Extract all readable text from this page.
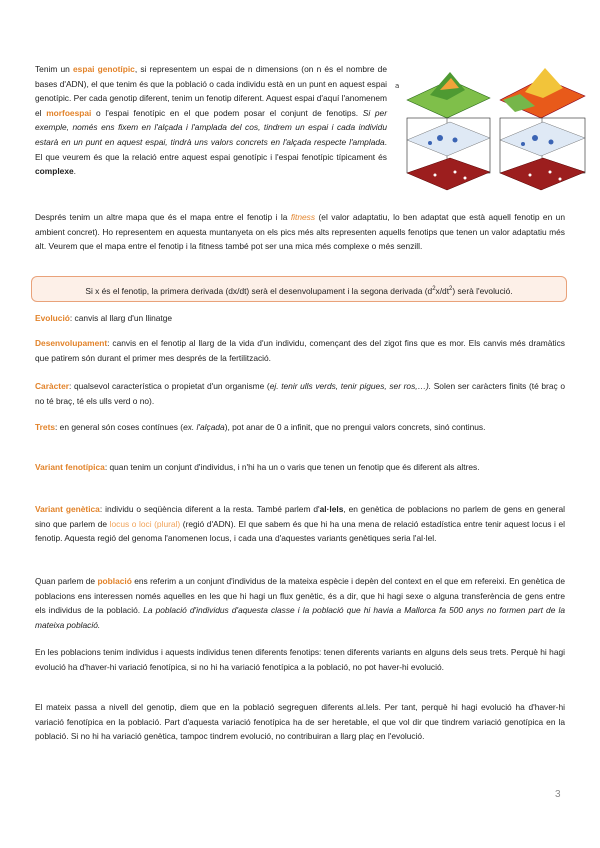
Tenim un espai genotípic, si representem un espai de n dimensions (on n és el nombre de bases d'ADN), el que tenim és que la població o cada individu està en un punt en aquest espai genotípic. Per cada genotip diferent, tenim un fenotip diferent. Aquest espai d'aquí l'anomenem el morfoespai o l'espai fenotípic en el que podem posar el conjunt de fenotips. Si per exemple, només ens fixem en l'alçada i l'amplada del cos, tindrem un espai i cada individu estarà en un punt en aquest espai, tindrà uns valors concrets en l'alçada respecte l'amplada. El que veurem és que la relació entre aquest espai genotípic i l'espai fenotípic típicament és complexe.

a

Després tenim un altre mapa que és el mapa entre el fenotip i la fitness (el valor adaptatiu, lo ben adaptat que està aquell fenotip en un ambient concret). Ho representem en aquesta muntanyeta on els pics més alts representen aquells fenotips que tenen un valor adaptatiu més alt. Veurem que el mapa entre el fenotip i la fitness també pot ser una mica més complexe o més senzill.

Si x és el fenotip, la primera derivada (dx/dt) serà el desenvolupament i la segona derivada $(d^2x/dt^2)$ serà l'evolució.

Evolució: canvis al llarg d'un llinatge

Desenvolupament: canvis en el fenotip al llarg de la vida d'un individu, començant des del zigot fins que es mor. Els canvis més dramàtics que patirem són durant el primer mes després de la fertilització.

Caràcter: qualsevol característica o propietat d'un organisme (ej. tenir ulls verds, tenir pigues, ser ros,…). Solen ser caràcters finits (té braç o no té braç, té els ulls verd o no).

Trets: en general són coses contínues (ex. l'alçada), pot anar de 0 a infinit, que no prengui valors concrets, sinó continus.

Variant fenotípica: quan tenim un conjunt d'individus, i n'hi ha un o varis que tenen un fenotip que és diferent als altres.

Variant genètica: individu o seqüència diferent a la resta. També parlem d'al·lels, en genètica de poblacions no parlem de gens en general sino que parlem de locus o loci (plural) (regió d'ADN). El que sabem és que hi ha una mena de relació estadística entre tenir aquest locus i el fenotip. Aquesta regió del genoma l'anomenen locus, i cada una d'aquestes variants genètiques seria l'al·lel.

Quan parlem de població ens referim a un conjunt d'individus de la mateixa espècie i depèn del context en el que em refereixi. En genètica de poblacions ens interessen només aquelles en les que hi hagi un flux genètic, és a dir, que hi hagi sexe o alguna transferència de gens entre els individus de la població. La població d'individus d'aquesta classe i la població que hi havia a Mallorca fa 500 anys no formen part de la mateixa població.

En les poblacions tenim individus i aquests individus tenen diferents fenotips: tenen diferents variants en alguns dels seus trets. Perquè hi hagi evolució ha d'haver-hi variació fenotípica, si no hi ha variació fenotípica a la població, no pot haver-hi evolució.

El mateix passa a nivell del genotip, diem que en la població segreguen diferents al.lels. Per tant, perquè hi hagi evolució ha d'haver-hi variació fenotípica en la població. Part d'aquesta variació fenotípica ha de ser heretable, el que vol dir que tindrem variació genotípica en la població. Si no hi ha variació genètica, tampoc tindrem evolució, no contribuiran a llarg plaç en l'evolució.

3
